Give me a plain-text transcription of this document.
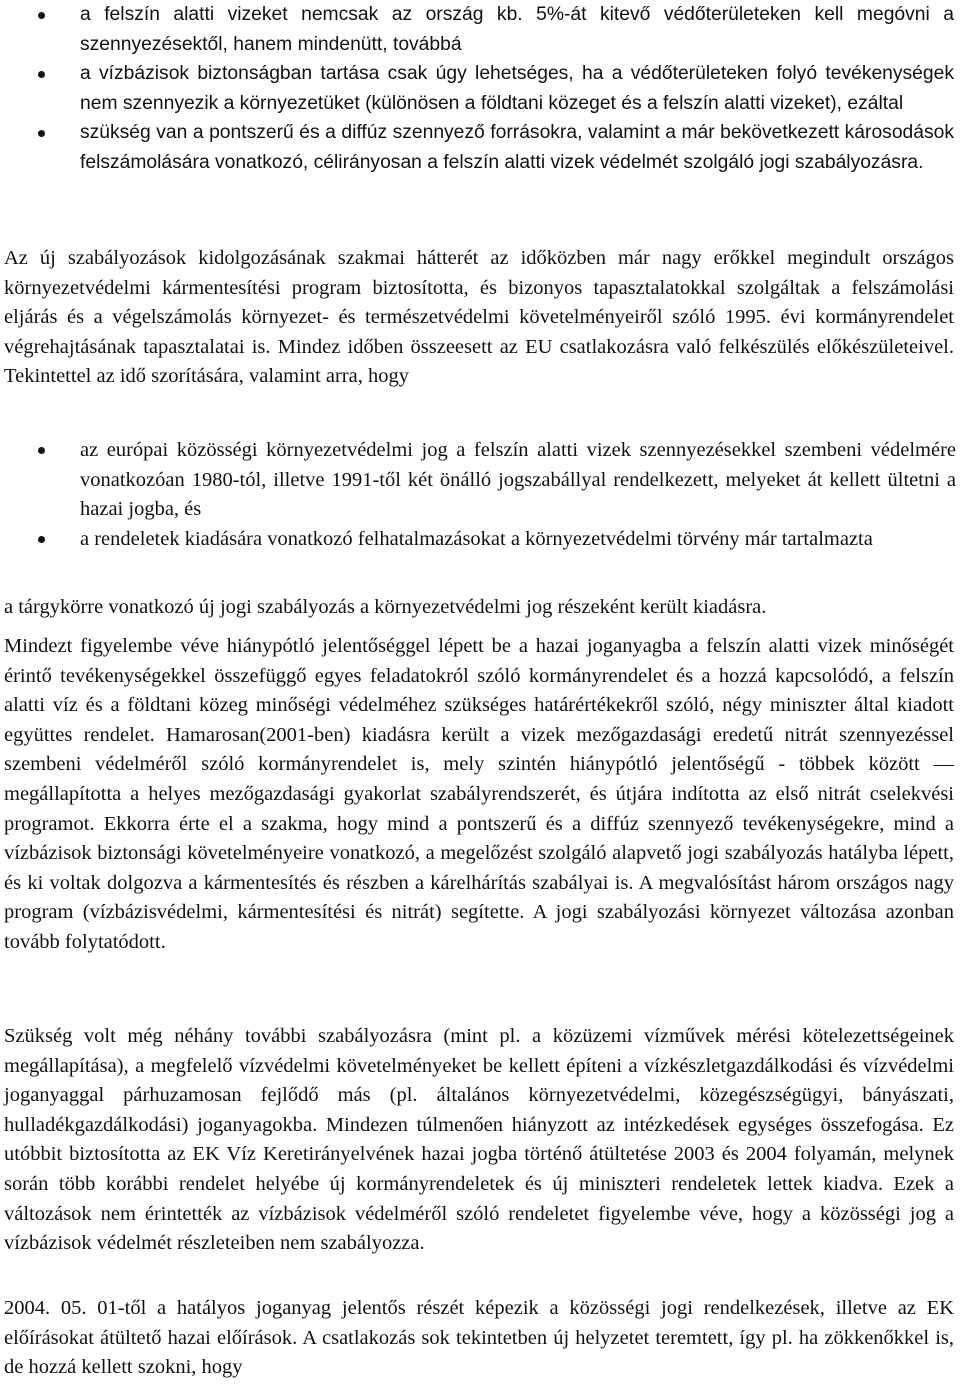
a felszín alatti vizeket nemcsak az ország kb. 5%-át kitevő védőterületeken kell megóvni a szennyezésektől, hanem mindenütt, továbbá
a vízbázisok biztonságban tartása csak úgy lehetséges, ha a védőterületeken folyó tevékenységek nem szennyezik a környezetüket (különösen a földtani közeget és a felszín alatti vizeket), ezáltal
szükség van a pontszerű és a diffúz szennyező forrásokra, valamint a már bekövetkezett károsodások felszámolására vonatkozó, célirányosan a felszín alatti vizek védelmét szolgáló jogi szabályozásra.

Az új szabályozások kidolgozásának szakmai hátterét az időközben már nagy erőkkel megindult országos környezetvédelmi kármentesítési program biztosította, és bizonyos tapasztalatokkal szolgáltak a felszámolási eljárás és a végelszámolás környezet- és természetvédelmi követelményeiről szóló 1995. évi kormányrendelet végrehajtásának tapasztalatai is. Mindez időben összeesett az EU csatlakozásra való felkészülés előkészületeivel. Tekintettel az idő szorítására, valamint arra, hogy

az európai közösségi környezetvédelmi jog a felszín alatti vizek szennyezésekkel szembeni védelmére vonatkozóan 1980-tól, illetve 1991-től két önálló jogszabállyal rendelkezett, melyeket át kellett ültetni a hazai jogba, és
a rendeletek kiadására vonatkozó felhatalmazásokat a környezetvédelmi törvény már tartalmazta

a tárgykörre vonatkozó új jogi szabályozás a környezetvédelmi jog részeként került kiadásra.

Mindezt figyelembe véve hiánypótló jelentőséggel lépett be a hazai joganyagba a felszín alatti vizek minőségét érintő tevékenységekkel összefüggő egyes feladatokról szóló kormányrendelet és a hozzá kapcsolódó, a felszín alatti víz és a földtani közeg minőségi védelméhez szükséges határértékekről szóló, négy miniszter által kiadott együttes rendelet. Hamarosan(2001-ben) kiadásra került a vizek mezőgazdasági eredetű nitrát szennyezéssel szembeni védelméről szóló kormányrendelet is, mely szintén hiánypótló jelentőségű - többek között ― megállapította a helyes mezőgazdasági gyakorlat szabályrendszerét, és útjára indította az első nitrát cselekvési programot. Ekkorra érte el a szakma, hogy mind a pontszerű és a diffúz szennyező tevékenységekre, mind a vízbázisok biztonsági követelményeire vonatkozó, a megelőzést szolgáló alapvető jogi szabályozás hatályba lépett, és ki voltak dolgozva a kármentesítés és részben a kárelhárítás szabályai is. A megvalósítást három országos nagy program (vízbázisvédelmi, kármentesítési és nitrát) segítette. A jogi szabályozási környezet változása azonban tovább folytatódott.

Szükség volt még néhány további szabályozásra (mint pl. a közüzemi vízművek mérési kötelezettségeinek megállapítása), a megfelelő vízvédelmi követelményeket be kellett építeni a vízkészletgazdálkodási és vízvédelmi joganyaggal párhuzamosan fejlődő más (pl. általános környezetvédelmi, közegészségügyi, bányászati, hulladékgazdálkodási) joganyagokba. Mindezen túlmenően hiányzott az intézkedések egységes összefogása. Ez utóbbit biztosította az EK Víz Keretirányelvének hazai jogba történő átültetése 2003 és 2004 folyamán, melynek során több korábbi rendelet helyébe új kormányrendeletek és új miniszteri rendeletek lettek kiadva. Ezek a változások nem érintették az vízbázisok védelméről szóló rendeletet figyelembe véve, hogy a közösségi jog a vízbázisok védelmét részleteiben nem szabályozza.

2004. 05. 01-től a hatályos joganyag jelentős részét képezik a közösségi jogi rendelkezések, illetve az EK előírásokat átültető hazai előírások. A csatlakozás sok tekintetben új helyzetet teremtett, így pl. ha zökkenőkkel is, de hozzá kellett szokni, hogy
